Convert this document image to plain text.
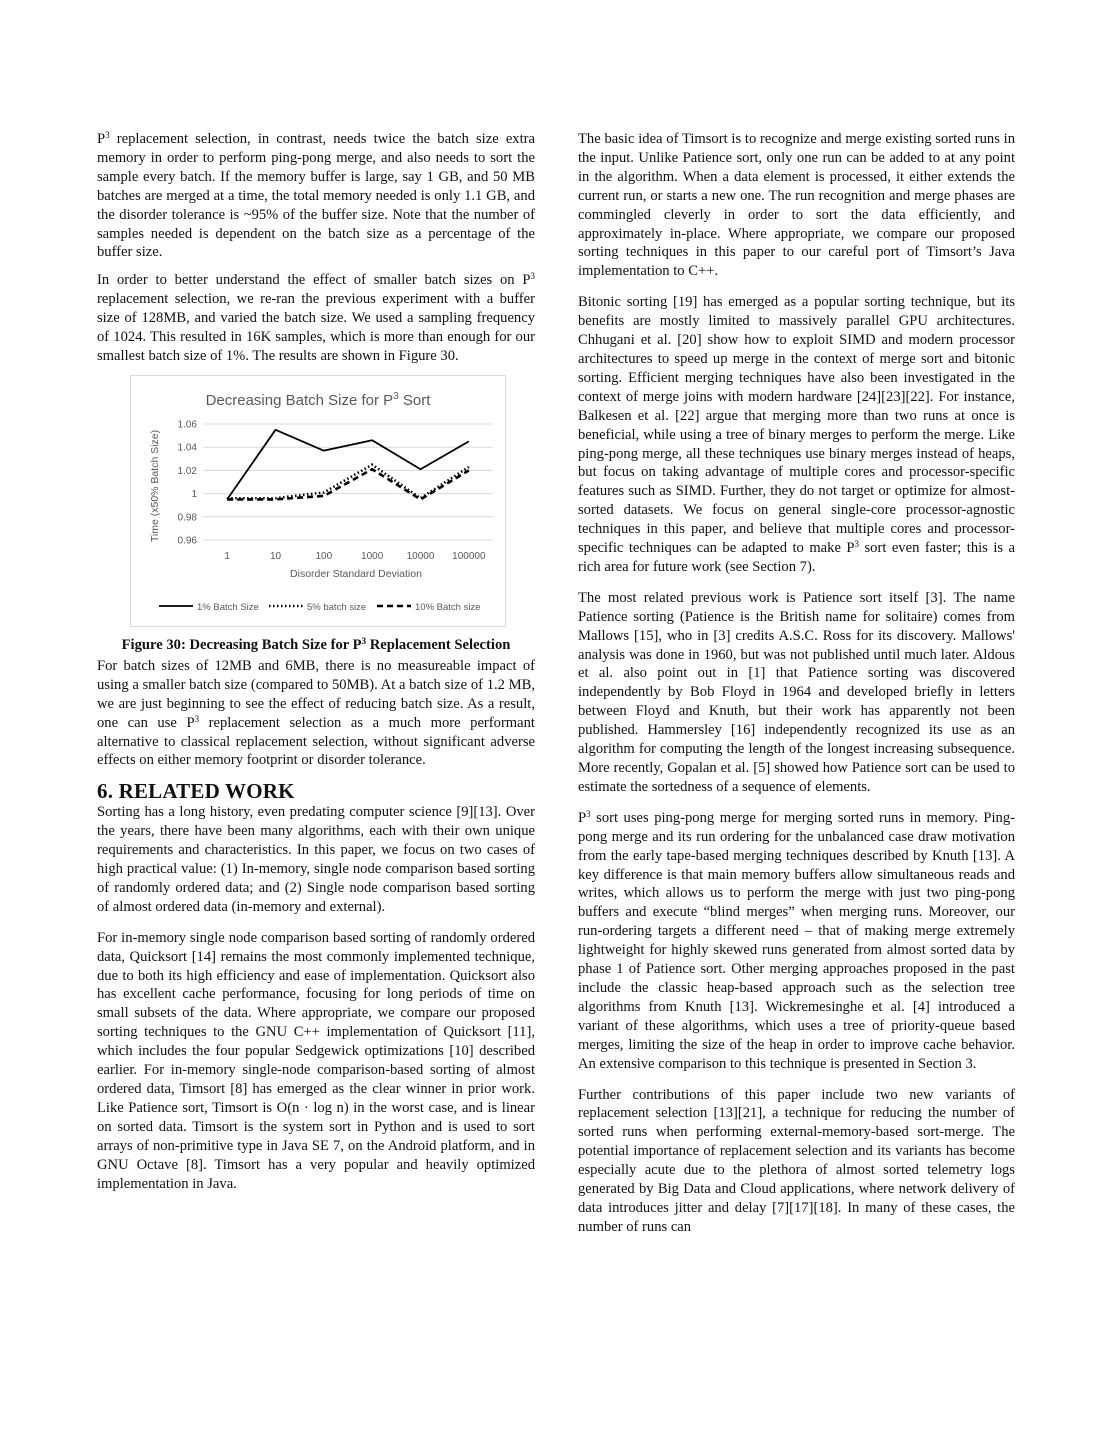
$P^3$ replacement selection, in contrast, needs twice the batch size extra memory in order to perform ping-pong merge, and also needs to sort the sample every batch. If the memory buffer is large, say 1 GB, and 50 MB batches are merged at a time, the total memory needed is only 1.1 GB, and the disorder tolerance is ~95% of the buffer size. Note that the number of samples needed is dependent on the batch size as a percentage of the buffer size.

In order to better understand the effect of smaller batch sizes on $P^3$ replacement selection, we re-ran the previous experiment with a buffer size of 128MB, and varied the batch size. We used a sampling frequency of 1024. This resulted in 16K samples, which is more than enough for our smallest batch size of 1%. The results are shown in Figure 30.

Decreasing Batch Size for $P^3$ Sort
1.06
1.04
1.02
1
0.98
0.96
1	10	100	1000 10000 100000
Time (x50% Batch Size)
Disorder Standard Deviation
1% Batch Size	5% batch size	10% Batch size
Figure 30: Decreasing Batch Size for $P^3$ Replacement Selection

For batch sizes of 12MB and 6MB, there is no measureable impact of using a smaller batch size (compared to 50MB). At a batch size of 1.2 MB, we are just beginning to see the effect of reducing batch size. As a result, one can use $P^3$ replacement selection as a much more performant alternative to classical replacement selection, without significant adverse effects on either memory footprint or disorder tolerance.

6. RELATED WORK

Sorting has a long history, even predating computer science [9][13]. Over the years, there have been many algorithms, each with their own unique requirements and characteristics. In this paper, we focus on two cases of high practical value: (1) In-memory, single node comparison based sorting of randomly ordered data; and (2) Single node comparison based sorting of almost ordered data (in-memory and external).

For in-memory single node comparison based sorting of randomly ordered data, Quicksort [14] remains the most commonly implemented technique, due to both its high efficiency and ease of implementation. Quicksort also has excellent cache performance, focusing for long periods of time on small subsets of the data. Where appropriate, we compare our proposed sorting techniques to the GNU C++ implementation of Quicksort [11], which includes the four popular Sedgewick optimizations [10] described earlier. For in-memory single-node comparison-based sorting of almost ordered data, Timsort [8] has emerged as the clear winner in prior work. Like Patience sort, Timsort is O(n · log n) in the worst case, and is linear on sorted data. Timsort is the system sort in Python and is used to sort arrays of non-primitive type in Java SE 7, on the Android platform, and in GNU Octave [8]. Timsort has a very popular and heavily optimized implementation in Java.

The basic idea of Timsort is to recognize and merge existing sorted runs in the input. Unlike Patience sort, only one run can be added to at any point in the algorithm. When a data element is processed, it either extends the current run, or starts a new one. The run recognition and merge phases are commingled cleverly in order to sort the data efficiently, and approximately in-place. Where appropriate, we compare our proposed sorting techniques in this paper to our careful port of Timsort’s Java implementation to C++.

Bitonic sorting [19] has emerged as a popular sorting technique, but its benefits are mostly limited to massively parallel GPU architectures. Chhugani et al. [20] show how to exploit SIMD and modern processor architectures to speed up merge in the context of merge sort and bitonic sorting. Efficient merging techniques have also been investigated in the context of merge joins with modern hardware [24][23][22]. For instance, Balkesen et al. [22] argue that merging more than two runs at once is beneficial, while using a tree of binary merges to perform the merge. Like ping-pong merge, all these techniques use binary merges instead of heaps, but focus on taking advantage of multiple cores and processor-specific features such as SIMD. Further, they do not target or optimize for almost-sorted datasets. We focus on general single-core processor-agnostic techniques in this paper, and believe that multiple cores and processor-specific techniques can be adapted to make $P^3$ sort even faster; this is a rich area for future work (see Section 7).

The most related previous work is Patience sort itself [3]. The name Patience sorting (Patience is the British name for solitaire) comes from Mallows [15], who in [3] credits A.S.C. Ross for its discovery. Mallows' analysis was done in 1960, but was not published until much later. Aldous et al. also point out in [1] that Patience sorting was discovered independently by Bob Floyd in 1964 and developed briefly in letters between Floyd and Knuth, but their work has apparently not been published. Hammersley [16] independently recognized its use as an algorithm for computing the length of the longest increasing subsequence. More recently, Gopalan et al. [5] showed how Patience sort can be used to estimate the sortedness of a sequence of elements.

$P^3$ sort uses ping-pong merge for merging sorted runs in memory. Ping-pong merge and its run ordering for the unbalanced case draw motivation from the early tape-based merging techniques described by Knuth [13]. A key difference is that main memory buffers allow simultaneous reads and writes, which allows us to perform the merge with just two ping-pong buffers and execute “blind merges” when merging runs. Moreover, our run-ordering targets a different need – that of making merge extremely lightweight for highly skewed runs generated from almost sorted data by phase 1 of Patience sort. Other merging approaches proposed in the past include the classic heap-based approach such as the selection tree algorithms from Knuth [13]. Wickremesinghe et al. [4] introduced a variant of these algorithms, which uses a tree of priority-queue based merges, limiting the size of the heap in order to improve cache behavior. An extensive comparison to this technique is presented in Section 3.

Further contributions of this paper include two new variants of replacement selection [13][21], a technique for reducing the number of sorted runs when performing external-memory-based sort-merge. The potential importance of replacement selection and its variants has become especially acute due to the plethora of almost sorted telemetry logs generated by Big Data and Cloud applications, where network delivery of data introduces jitter and delay [7][17][18]. In many of these cases, the number of runs can
